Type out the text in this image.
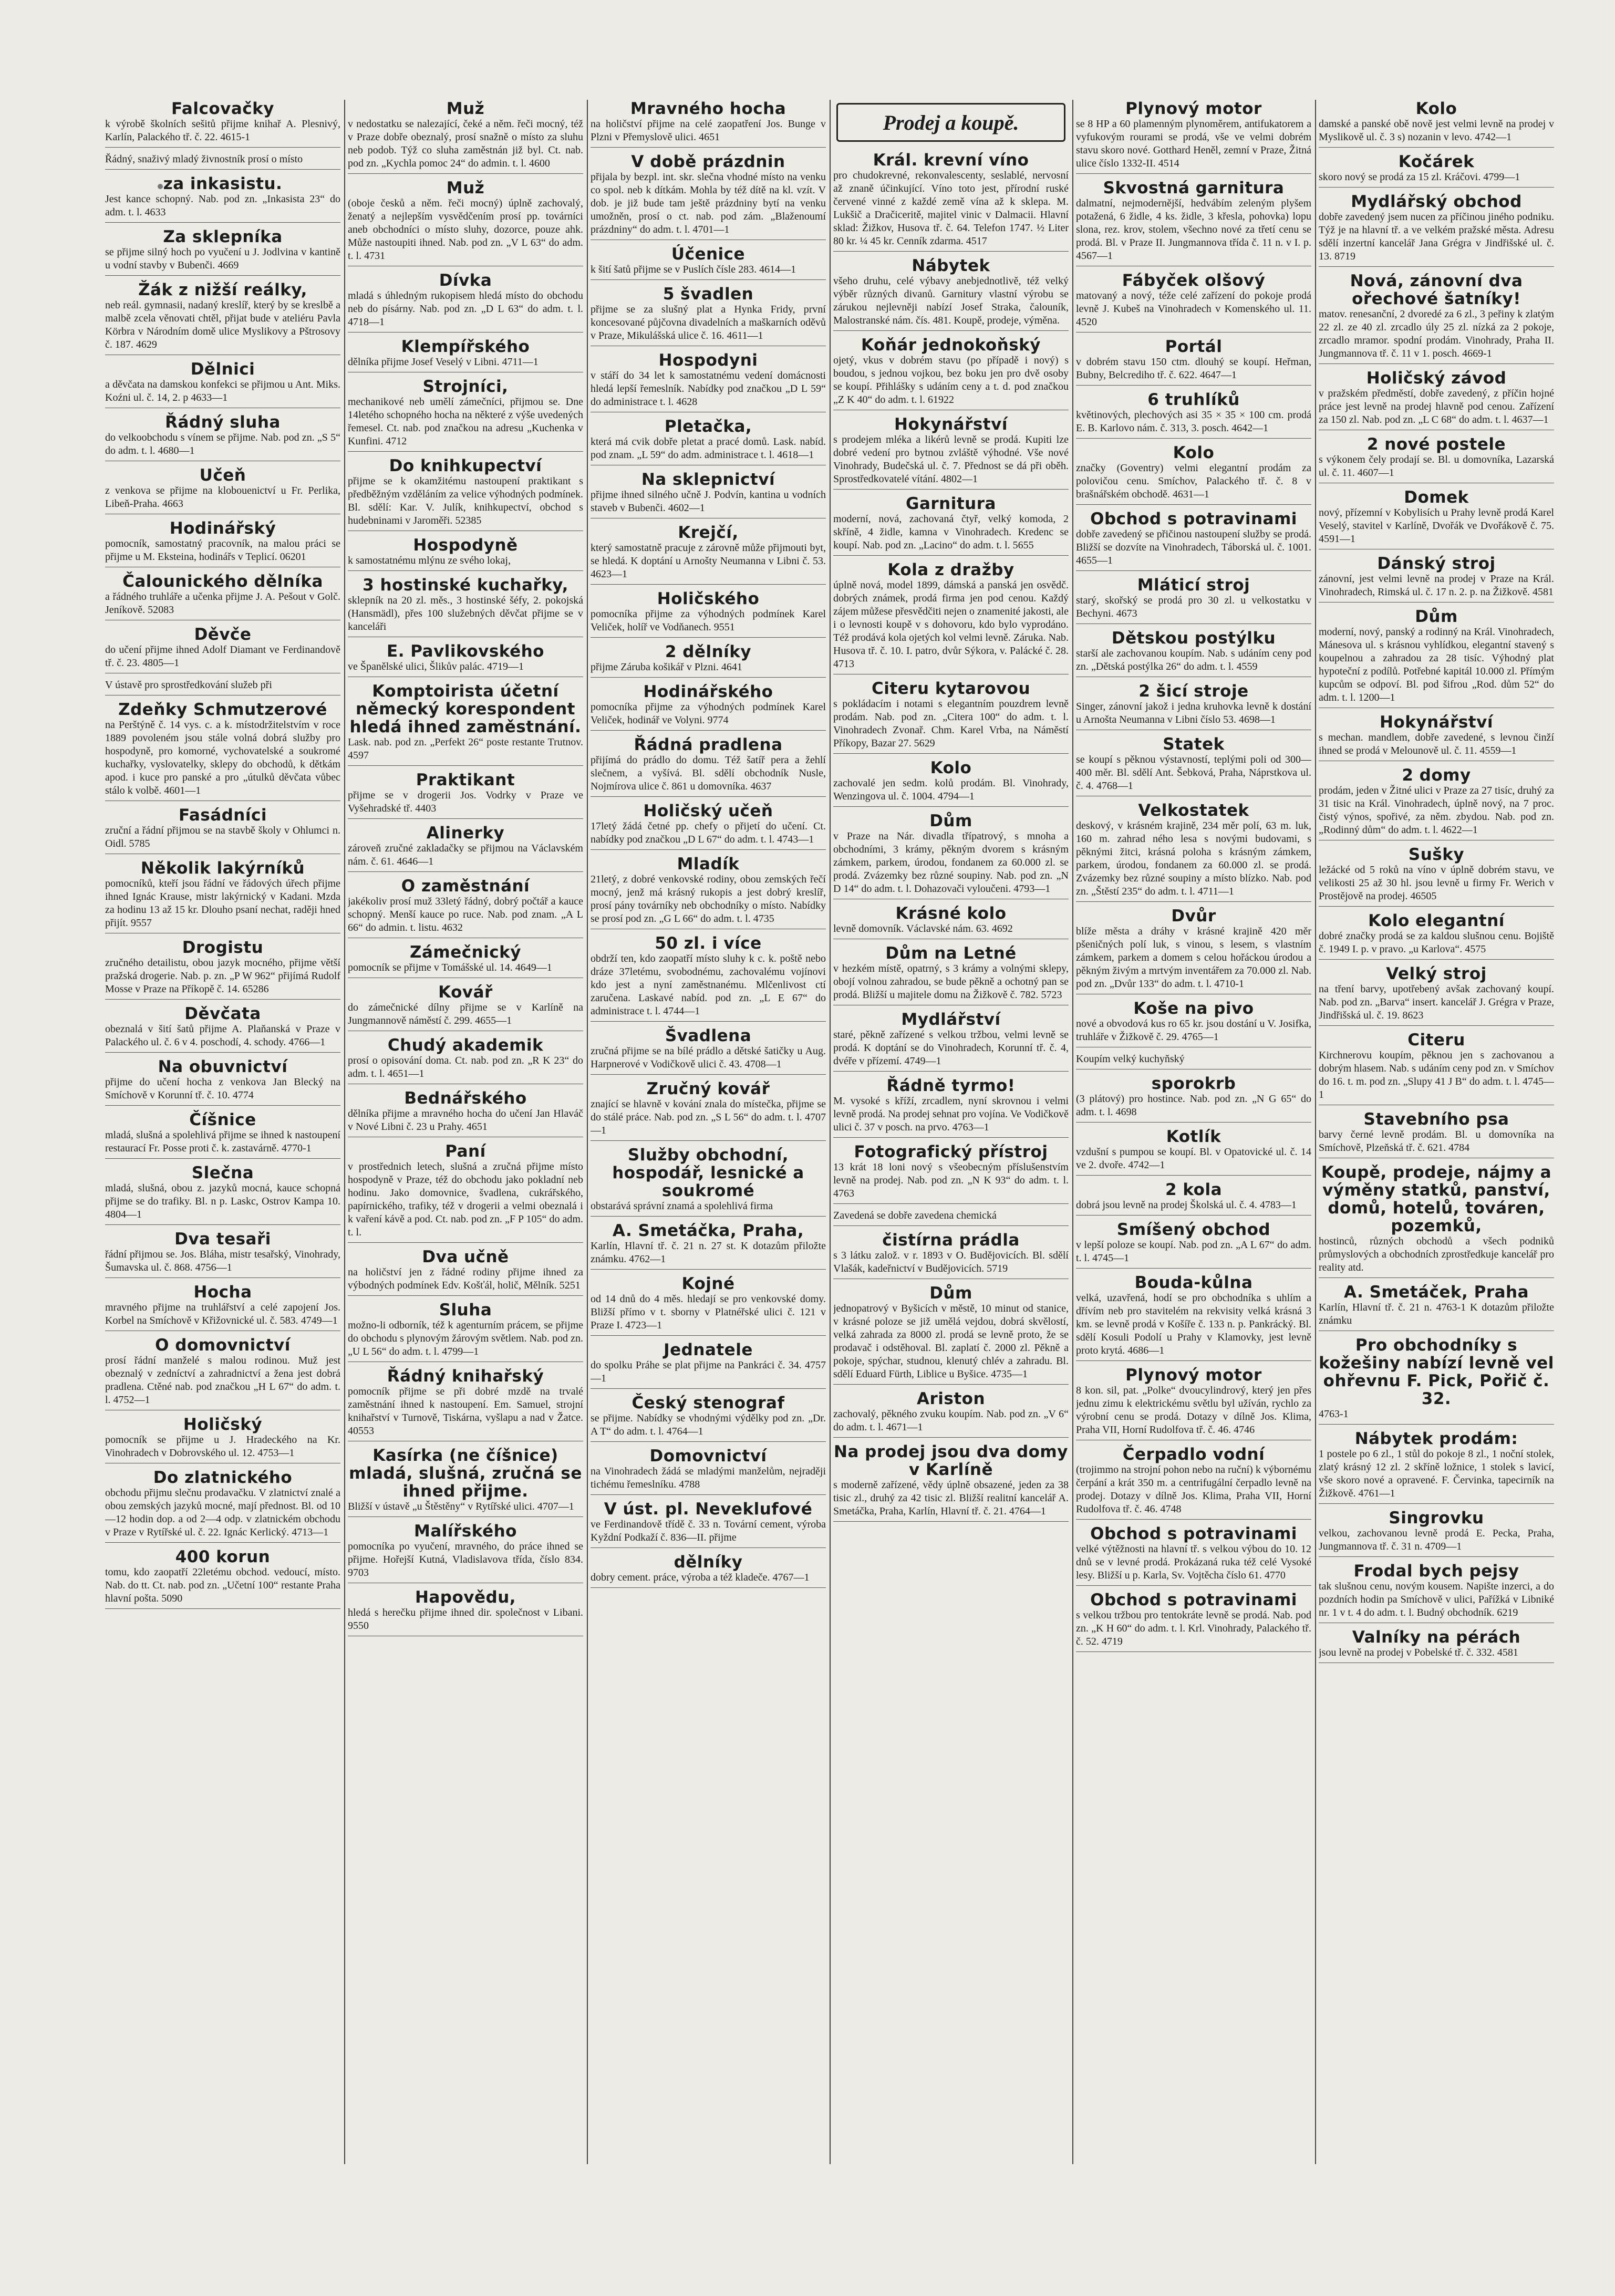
Falcovačky

k výrobě školních sešitů přijme knihař A. Plesnivý, Karlín, Palackého tř. č. 22. 4615-1

Řádný, snaživý mladý živnostník prosí o místo

za inkasistu.

Jest kance schopný. Nab. pod zn. „Inkasista 23“ do adm. t. l. 4633

Za sklepníka

se přijme silný hoch po vyučení u J. Jodlvina v kantině u vodní stavby v Bubenči. 4669

Žák z nižší reálky,

neb reál. gymnasii, nadaný kreslíř, který by se kreslbě a malbě zcela věnovati chtěl, přijat bude v ateliéru Pavla Körbra v Národním domě ulice Myslikovy a Pštrosovy č. 187. 4629

Dělnici

a děvčata na damskou konfekci se přijmou u Ant. Miks. Koźni ul. č. 14, 2. p 4633—1

Řádný sluha

do velkoobchodu s vínem se přijme. Nab. pod zn. „S 5“ do adm. t. l. 4680—1

Učeň

z venkova se přijme na klobouenictví u Fr. Perlika, Libeň-Praha. 4663

Hodinářský

pomocník, samostatný pracovník, na malou práci se přijme u M. Eksteina, hodinářs v Teplicí. 06201

Čalounického dělníka

a řádného truhláře a učenka přijme J. A. Pešout v Golč. Jeníkově. 52083

Děvče

do učení přijme ihned Adolf Diamant ve Ferdinandově tř. č. 23. 4805—1

V ústavě pro sprostředkování služeb při

Zdeňky Schmutzerové

na Perštýně č. 14 vys. c. a k. místodržitelstvím v roce 1889 povoleném jsou stále volná dobrá služby pro hospodyně, pro komorné, vychovatelské a soukromé kuchařky, vyslovatelky, sklepy do obchodů, k dětkám apod. i kuce pro panské a pro „útulků děvčata vůbec stálo k volbě. 4601—1

Fasádníci

zruční a řádní přijmou se na stavbě školy v Ohlumci n. Oidl. 5785

Několik lakýrníků

pomocníků, kteří jsou řádní ve řádových úřech přijme ihned Ignác Krause, mistr lakýrnický v Kadani. Mzda za hodinu 13 až 15 kr. Dlouho psaní nechat, raději hned přijít. 9557

Drogistu

zručného detailistu, obou jazyk mocného, přijme větší pražská drogerie. Nab. p. zn. „P W 962“ přijímá Rudolf Mosse v Praze na Příkopě č. 14. 65286

Děvčata

obeznalá v šití šatů přijme A. Plaňanská v Praze v Palackého ul. č. 6 v 4. poschodí, 4. schody. 4766—1

Na obuvnictví

přijme do učení hocha z venkova Jan Blecký na Smíchově v Korunní tř. č. 10. 4774

Číšnice

mladá, slušná a spolehlivá přijme se ihned k nastoupení restaurací Fr. Posse proti č. k. zastavárně. 4770-1

Slečna

mladá, slušná, obou z. jazyků mocná, kauce schopná přijme se do trafiky. Bl. n p. Laskc, Ostrov Kampa 10. 4804—1

Dva tesaři

řádní přijmou se. Jos. Bláha, mistr tesařský, Vinohrady, Šumavska ul. č. 868. 4756—1

Hocha

mravného přijme na truhlářství a celé zapojení Jos. Korbel na Smíchově v Křižovnické ul. č. 583. 4749—1

O domovnictví

prosí řádní manželé s malou rodinou. Muž jest obeznalý v zedníctví a zahradnictví a žena jest dobrá pradlena. Ctěné nab. pod značkou „H L 67“ do adm. t. l. 4752—1

Holičský

pomocník se přijme u J. Hradeckého na Kr. Vinohradech v Dobrovského ul. 12. 4753—1

Do zlatnického

obchodu přijmu slečnu prodavačku. V zlatnictví znalé a obou zemských jazyků mocné, mají přednost. Bl. od 10—12 hodin dop. a od 2—4 odp. v zlatnickém obchodu v Praze v Rytířské ul. č. 22. Ignác Kerlický. 4713—1

400 korun

tomu, kdo zaopatří 22letému obchod. vedoucí, místo. Nab. do tt. Ct. nab. pod zn. „Učetní 100“ restante Praha hlavní pošta. 5090

Muž

v nedostatku se nalezající, čeké a něm. řeči mocný, též v Praze dobře obeznalý, prosí snažně o místo za sluhu neb podob. Týž co sluha zaměstnán již byl. Ct. nab. pod zn. „Kychla pomoc 24“ do admin. t. l. 4600

Muž

(oboje česků a něm. řeči mocný) úplně zachovalý, ženatý a nejlepším vysvědčením prosí pp. továrníci aneb obchodníci o místo sluhy, dozorce, pouze ahk. Může nastoupiti ihned. Nab. pod zn. „V L 63“ do adm. t. l. 4731

Dívka

mladá s úhledným rukopisem hledá místo do obchodu neb do písárny. Nab. pod zn. „D L 63“ do adm. t. l. 4718—1

Klempířského

dělníka přijme Josef Veselý v Libni. 4711—1

Strojníci,

mechanikové neb umělí zámečníci, přijmou se. Dne 14letého schopného hocha na některé z výše uvedených řemesel. Ct. nab. pod značkou na adresu „Kuchenka v Kunfini. 4712

Do knihkupectví

přijme se k okamžitému nastoupení praktikant s předběžným vzděláním za velice výhodných podmínek. Bl. sdělí: Kar. V. Julík, knihkupectví, obchod s hudebninami v Jaroměři. 52385

Hospodyně

k samostatnému mlýnu ze svého lokaj,

3 hostinské kuchařky,

sklepník na 20 zl. měs., 3 hostinské šéfy, 2. pokojská (Hansmädl), přes 100 služebných děvčat přijme se v kanceláři

E. Pavlikovského

ve Španělské ulici, Šlikův palác. 4719—1

Komptoirista účetní německý korespondent hledá ihned zaměstnání.

Lask. nab. pod zn. „Perfekt 26“ poste restante Trutnov. 4597

Praktikant

přijme se v drogerii Jos. Vodrky v Praze ve Vyšehradské tř. 4403

Alinerky

zároveň zručné zakladačky se přijmou na Václavském nám. č. 61. 4646—1

O zaměstnání

jakékoliv prosí muž 33letý řádný, dobrý počtář a kauce schopný. Menší kauce po ruce. Nab. pod znam. „A L 66“ do admin. t. listu. 4632

Zámečnický

pomocník se přijme v Tomášské ul. 14. 4649—1

Kovář

do zámečnické dílny přijme se v Karlíně na Jungmannově náměstí č. 299. 4655—1

Chudý akademik

prosí o opisování doma. Ct. nab. pod zn. „R K 23“ do adm. t. l. 4651—1

Bednářského

dělníka přijme a mravného hocha do učení Jan Hlaváč v Nové Libni č. 23 u Prahy. 4651

Paní

v prostřednich letech, slušná a zručná přijme místo hospodyně v Praze, též do obchodu jako pokladní neb hodinu. Jako domovnice, švadlena, cukrářského, papírnického, trafiky, též v drogerii a velmi obeznalá i k vaření kávě a pod. Ct. nab. pod zn. „F P 105“ do adm. t. l.

Dva učně

na holičství jen z řádné rodiny přijme ihned za výbodných podmínek Edv. Košťál, holič, Mělník. 5251

Sluha

možno-li odborník, též k agenturním prácem, se přijme do obchodu s plynovým žárovým světlem. Nab. pod zn. „U L 56“ do adm. t. l. 4799—1

Řádný knihařský

pomocník přijme se při dobré mzdě na trvalé zaměstnání ihned k nastoupení. Em. Samuel, strojní knihařství v Turnově, Tiskárna, vyšlapu a nad v Žatce. 40553

Kasírka (ne číšnice) mladá, slušná, zručná se ihned přijme.

Bližší v ústavě „u Štěstěny“ v Rytířské ulici. 4707—1

Malířského

pomocníka po vyučení, mravného, do práce ihned se přijme. Hořejší Kutná, Vladislavova třída, číslo 834. 9703

Hapovědu,

hledá s herečku přijme ihned dir. společnost v Libani. 9550

Mravného hocha

na holičství přijme na celé zaopatření Jos. Bunge v Plzni v Přemyslově ulici. 4651

V době prázdnin

přijala by bezpl. int. skr. slečna vhodné místo na venku co spol. neb k dítkám. Mohla by též dítě na kl. vzít. V dob. je již bude tam ještě prázdniny bytí na venku umožněn, prosí o ct. nab. pod zám. „Blaženoumí prázdniny“ do adm. t. l. 4701—1

Účenice

k šití šatů přijme se v Puslích čísle 283. 4614—1

5 švadlen

přijme se za slušný plat a Hynka Fridy, první koncesované půjčovna divadelních a maškarních oděvů v Praze, Mikulášská ulice č. 16. 4611—1

Hospodyni

v stáří do 34 let k samostatnému vedení domácnosti hledá lepší řemeslník. Nabídky pod značkou „D L 59“ do administrace t. l. 4628

Pletačka,

která má cvik dobře pletat a pracé domů. Lask. nabíd. pod znam. „L 59“ do adm. administrace t. l. 4618—1

Na sklepnictví

přijme ihned silného učně J. Podvín, kantina u vodních staveb v Bubenči. 4602—1

Krejčí,

který samostatně pracuje z zárovně může přijmouti byt, se hledá. K doptání u Arnošty Neumanna v Libni č. 53. 4623—1

Holičského

pomocníka přijme za výhodných podmínek Karel Veliček, holíř ve Vodňanech. 9551

2 dělníky

přijme Záruba košikář v Plzni. 4641

Hodinářského

pomocníka přijme za výhodných podmínek Karel Veliček, hodinář ve Volyni. 9774

Řádná pradlena

přijímá do prádlo do domu. Též šatíř pera a žehlí slečnem, a vyšívá. Bl. sdělí obchodník Nusle, Nojmírova ulice č. 861 u domovníka. 4637

Holičský učeň

17letý žádá četné pp. chefy o přijetí do učení. Ct. nabídky pod značkou „D L 67“ do adm. t. l. 4743—1

Mladík

21letý, z dobré venkovské rodiny, obou zemských řečí mocný, jenž má krásný rukopis a jest dobrý kreslíř, prosí pány továrníky neb obchodníky o místo. Nabídky se prosí pod zn. „G L 66“ do adm. t. l. 4735

50 zl. i více

obdrží ten, kdo zaopatří místo sluhy k c. k. poště nebo dráze 37letému, svobodnému, zachovalému vojínovi kdo jest a nyní zaměstnanému. Mlčenlivost ctí zaručena. Laskavé nabíd. pod zn. „L E 67“ do administrace t. l. 4744—1

Švadlena

zručná přijme se na bílé prádlo a dětské šatičky u Aug. Harpnerové v Vodičkově ulici č. 43. 4708—1

Zručný kovář

znající se hlavně v kování znala do místečka, přijme se do stálé práce. Nab. pod zn. „S L 56“ do adm. t. l. 4707—1

Služby obchodní, hospodář, lesnické a soukromé

obstarává správní znamá a spolehlivá firma

A. Smetáčka, Praha,

Karlín, Hlavní tř. č. 21 n. 27 st. K dotazům přiložte známku. 4762—1

Kojné

od 14 dnů do 4 měs. hledají se pro venkovské domy. Bližší přímo v t. sborny v Platnéřské ulici č. 121 v Praze I. 4723—1

Jednatele

do spolku Práhe se plat přijme na Pankráci č. 34. 4757—1

Český stenograf

se přijme. Nabídky se vhodnými výdělky pod zn. „Dr. A T“ do adm. t. l. 4764—1

Domovnictví

na Vinohradech žádá se mladými manželům, nejraději tichému řemeslníku. 4788

V úst. pl. Neveklufové

ve Ferdinandově třídě č. 33 n. Tovární cement, výroba Kyždní Podkaží č. 836—II. přijme

dělníky

dobry cement. práce, výroba a též kladeče. 4767—1

Prodej a koupě.
Král. krevní víno

pro chudokrevné, rekonvalescenty, seslablé, nervosní až znaně účinkující. Víno toto jest, přírodní ruské červené vinné z každé země vína až k sklepa. M. Lukšič a Dračiceritě, majitel vinic v Dalmacii. Hlavní sklad: Žižkov, Husova tř. č. 64. Telefon 1747. ½ Liter 80 kr. ¼ 45 kr. Cenník zdarma. 4517

Nábytek

všeho druhu, celé výbavy anebjednotlivě, též velký výběr různých divanů. Garnitury vlastní výrobu se zárukou nejlevněji nabízí Josef Straka, čalouník, Malostranské nám. čís. 481. Koupě, prodeje, výměna.

Koňár jednokoňský

ojetý, vkus v dobrém stavu (po případě i nový) s boudou, s jednou vojkou, bez boku jen pro dvě osoby se koupí. Přihlášky s udáním ceny a t. d. pod značkou „Z K 40“ do adm. t. l. 61922

Hokynářství

s prodejem mléka a likérů levně se prodá. Kupiti lze dobré vedení pro bytnou zvláště výhodné. Vše nové Vinohrady, Budečská ul. č. 7. Přednost se dá při oběh. Sprostředkovatelé vítání. 4802—1

Garnitura

moderní, nová, zachovaná čtyř, velký komoda, 2 skříně, 4 židle, kamna v Vinohradech. Kredenc se koupí. Nab. pod zn. „Lacino“ do adm. t. l. 5655

Kola z dražby

úplně nová, model 1899, dámská a panská jen osvědč. dobrých známek, prodá firma jen pod cenou. Každý zájem můžese přesvědčiti nejen o znamenité jakosti, ale i o levnosti koupě v s dohovoru, kdo bylo vyprodáno. Též prodává kola ojetých kol velmi levně. Záruka. Nab. Husova tř. č. 10. I. patro, dvůr Sýkora, v. Palácké č. 28. 4713

Citeru kytarovou

s pokládacím i notami s elegantním pouzdrem levně prodám. Nab. pod zn. „Citera 100“ do adm. t. l. Vinohradech Zvonař. Chm. Karel Vrba, na Náměstí Příkopy, Bazar 27. 5629

Kolo

zachovalé jen sedm. kolů prodám. Bl. Vinohrady, Wenzingova ul. č. 1004. 4794—1

Dům

v Praze na Nár. divadla třípatrový, s mnoha a obchodními, 3 krámy, pěkným dvorem s krásným zámkem, parkem, úrodou, fondanem za 60.000 zl. se prodá. Zvázemky bez různé soupiny. Nab. pod zn. „N D 14“ do adm. t. l. Dohazovači vyloučeni. 4793—1

Krásné kolo

levně domovník. Václavské nám. 63. 4692

Dům na Letné

v hezkém místě, opatrný, s 3 krámy a volnými sklepy, obojí volnou zahradou, se bude pěkně a ochotný pan se prodá. Bližší u majitele domu na Žižkově č. 782. 5723

Mydlářství

staré, pěkně zařízené s velkou tržbou, velmi levně se prodá. K doptání se do Vinohradech, Korunní tř. č. 4, dvéře v přízemí. 4749—1

Řádně tyrmo!

M. vysoké s kříží, zrcadlem, nyní skrovnou i velmi levně prodá. Na prodej sehnat pro vojína. Ve Vodičkově ulici č. 37 v posch. na prvo. 4763—1

Fotografický přístroj

13 krát 18 loni nový s všeobecným příslušenstvím levně na prodej. Nab. pod zn. „N K 93“ do adm. t. l. 4763

Zavedená se dobře zavedena chemická

čistírna prádla

s 3 látku založ. v r. 1893 v O. Budějovicích. Bl. sdělí Vlašák, kadeřnictví v Budějovicích. 5719

Dům

jednopatrový v Byšicích v městě, 10 minut od stanice, v krásné poloze se již umělá vejdou, dobrá skvělostí, velká zahrada za 8000 zl. prodá se levně proto, že se prodavač i odstěhoval. Bl. zaplatí č. 2000 zl. Pěkně a pokoje, spýchar, studnou, klenutý chlév a zahradu. Bl. sdělí Eduard Fürth, Liblice u Byšice. 4735—1

Ariston

zachovalý, pěkného zvuku koupím. Nab. pod zn. „V 6“ do adm. t. l. 4671—1

Na prodej jsou dva domy v Karlíně

s moderně zařízené, vědy úplně obsazené, jeden za 38 tisic zl., druhý za 42 tisic zl. Bližší realitní kancelář A. Smetáčka, Praha, Karlín, Hlavní tř. č. 21. 4764—1

Plynový motor

se 8 HP a 60 plamenným plynoměrem, antifukatorem a vyfukovým rourami se prodá, vše ve velmi dobrém stavu skoro nové. Gotthard Heněl, zemní v Praze, Žitná ulice číslo 1332-II. 4514

Skvostná garnitura

dalmatní, nejmodernější, hedvábím zeleným plyšem potažená, 6 židle, 4 ks. židle, 3 křesla, pohovka) lopu slona, rez. krov, stolem, všechno nové za třetí cenu se prodá. Bl. v Praze II. Jungmannova třída č. 11 n. v I. p. 4567—1

Fábyček olšový

matovaný a nový, téže celé zařízení do pokoje prodá levně J. Kubeš na Vinohradech v Komenského ul. 11. 4520

Portál

v dobrém stavu 150 ctm. dlouhý se koupí. Heřman, Bubny, Belcrediho tř. č. 622. 4647—1

6 truhlíků

květinových, plechových asi 35 × 35 × 100 cm. prodá E. B. Karlovo nám. č. 313, 3. posch. 4642—1

Kolo

značky (Goventry) velmi elegantní prodám za polovičou cenu. Smíchov, Palackého tř. č. 8 v brašnářském obchodě. 4631—1

Obchod s potravinami

dobře zavedený se přičinou nastoupení služby se prodá. Bližší se dozvíte na Vinohradech, Táborská ul. č. 1001. 4655—1

Mláticí stroj

starý, skořský se prodá pro 30 zl. u velkostatku v Bechyni. 4673

Dětskou postýlku

starší ale zachovanou koupím. Nab. s udáním ceny pod zn. „Dětská postýlka 26“ do adm. t. l. 4559

2 šicí stroje

Singer, zánovní jakož i jedna kruhovka levně k dostání u Arnošta Neumanna v Libni číslo 53. 4698—1

Statek

se koupí s pěknou výstavností, teplými poli od 300—400 měr. Bl. sdělí Ant. Šebková, Praha, Náprstkova ul. č. 4. 4768—1

Velkostatek

deskový, v krásném krajině, 234 měr polí, 63 m. luk, 160 m. zahrad ného lesa s novými budovami, s pěknými žitci, krásná poloha s krásným zámkem, parkem, úrodou, fondanem za 60.000 zl. se prodá. Zvázemky bez různé soupiny a místo blízko. Nab. pod zn. „Štěstí 235“ do adm. t. l. 4711—1

Dvůr

blíže města a dráhy v krásné krajině 420 měr pšeničných polí luk, s vinou, s lesem, s vlastním zámkem, parkem a domem s celou hořáckou úrodou a pěkným živým a mrtvým inventářem za 70.000 zl. Nab. pod zn. „Dvůr 133“ do adm. t. l. 4710-1

Koše na pivo

nové a obvodová kus ro 65 kr. jsou dostání u V. Josifka, truhláře v Žižkově č. 29. 4765—1

Koupím velký kuchyňský

sporokrb

(3 plátový) pro hostince. Nab. pod zn. „N G 65“ do adm. t. l. 4698

Kotlík

vzdušní s pumpou se koupí. Bl. v Opatovické ul. č. 14 ve 2. dvoře. 4742—1

2 kola

dobrá jsou levně na prodej Školská ul. č. 4. 4783—1

Smíšený obchod

v lepší poloze se koupí. Nab. pod zn. „A L 67“ do adm. t. l. 4745—1

Bouda-kůlna

velká, uzavřená, hodí se pro obchodníka s uhlím a dřívím neb pro stavitelém na rekvisity velká krásná 3 km. se levně prodá v Košíře č. 133 n. p. Pankrácký. Bl. sdělí Kosuli Podolí u Prahy v Klamovky, jest levně proto krytá. 4686—1

Plynový motor

8 kon. sil, pat. „Polke“ dvoucylindrový, který jen přes jednu zimu k elektrickému světlu byl užíván, rychlo za výrobní cenu se prodá. Dotazy v dílně Jos. Klima, Praha VII, Horní Rudolfova tř. č. 46. 4746

Čerpadlo vodní

(trojimmo na strojní pohon nebo na ruční) k výbornému čerpání a krát 350 m. a centrifugální čerpadlo levně na prodej. Dotazy v dílně Jos. Klima, Praha VII, Horní Rudolfova tř. č. 46. 4748

Obchod s potravinami

velké výtěžnosti na hlavní tř. s velkou výbou do 10. 12 dnů se v levné prodá. Prokázaná ruka též celé Vysoké lesy. Bližší u p. Karla, Sv. Vojtěcha číslo 61. 4770

Obchod s potravinami

s velkou tržbou pro tentokráte levně se prodá. Nab. pod zn. „K H 60“ do adm. t. l. Krl. Vinohrady, Palackého tř. č. 52. 4719

Kolo

damské a panské obě nově jest velmi levně na prodej v Myslikově ul. č. 3 s) nozanin v levo. 4742—1

Kočárek

skoro nový se prodá za 15 zl. Kráčovi. 4799—1

Mydlářský obchod

dobře zavedený jsem nucen za příčinou jiného podniku. Týž je na hlavní tř. a ve velkém pražské města. Adresu sdělí inzertní kancelář Jana Grégra v Jindřišské ul. č. 13. 8719

Nová, zánovní dva ořechové šatníky!

matov. renesanční, 2 dvoredé za 6 zl., 3 peřiny k zlatým 22 zl. ze 40 zl. zrcadlo úly 25 zl. nízká za 2 pokoje, zrcadlo mramor. spodní prodám. Vinohrady, Praha II. Jungmannova tř. č. 11 v 1. posch. 4669-1

Holičský závod

v pražském předměstí, dobře zavedený, z příčin hojné práce jest levně na prodej hlavně pod cenou. Zařízení za 150 zl. Nab. pod zn. „L C 68“ do adm. t. l. 4637—1

2 nové postele

s výkonem čely prodají se. Bl. u domovníka, Lazarská ul. č. 11. 4607—1

Domek

nový, přízemní v Kobylisích u Prahy levně prodá Karel Veselý, stavitel v Karlíně, Dvořák ve Dvořákově č. 75. 4591—1

Dánský stroj

zánovní, jest velmi levně na prodej v Praze na Král. Vinohradech, Rimská ul. č. 17 n. 2. p. na Žižkově. 4581

Dům

moderní, nový, panský a rodinný na Král. Vinohradech, Mánesova ul. s krásnou vyhlídkou, elegantní stavený s koupelnou a zahradou za 28 tisíc. Výhodný plat hypoteční z podílů. Potřebné kapitál 10.000 zl. Přímým kupcům se odpoví. Bl. pod šifrou „Rod. dům 52“ do adm. t. l. 1200—1

Hokynářství

s mechan. mandlem, dobře zavedené, s levnou činží ihned se prodá v Melounově ul. č. 11. 4559—1

2 domy

prodám, jeden v Žitné ulici v Praze za 27 tisíc, druhý za 31 tisic na Král. Vinohradech, úplně nový, na 7 proc. čistý výnos, spořivé, za něm. zbydou. Nab. pod zn. „Rodinný dům“ do adm. t. l. 4622—1

Sušky

ležácké od 5 roků na víno v úplně dobrém stavu, ve velikosti 25 až 30 hl. jsou levně u firmy Fr. Werich v Prostějově na prodej. 46505

Kolo elegantní

dobré značky prodá se za kaldou slušnou cenu. Bojiště č. 1949 I. p. v pravo. „u Karlova“. 4575

Velký stroj

na tření barvy, upotřebený avšak zachovaný koupí. Nab. pod zn. „Barva“ insert. kancelář J. Grégra v Praze, Jindřišská ul. č. 19. 8623

Citeru

Kirchnerovu koupím, pěknou jen s zachovanou a dobrým hlasem. Nab. s udáním ceny pod zn. v Smíchov do 16. t. m. pod zn. „Slupy 41 J B“ do adm. t. l. 4745—1

Stavebního psa

barvy černé levně prodám. Bl. u domovníka na Smíchově, Plzeňská tř. č. 621. 4784

Koupě, prodeje, nájmy a výměny statků, panství, domů, hotelů, továren, pozemků,

hostinců, různých obchodů a všech podniků průmyslových a obchodních zprostředkuje kancelář pro reality atd.

A. Smetáček, Praha

Karlín, Hlavní tř. č. 21 n. 4763-1 K dotazům přiložte známku

Pro obchodníky s kožešiny nabízí levně vel ohřevnu F. Pick, Pořič č. 32.

4763-1

Nábytek prodám:

1 postele po 6 zl., 1 stůl do pokoje 8 zl., 1 noční stolek, zlatý krásný 12 zl. 2 skříně ložnice, 1 stolek s lavicí, vše skoro nové a opravené. F. Červinka, tapecirník na Žižkově. 4761—1

Singrovku

velkou, zachovanou levně prodá E. Pecka, Praha, Jungmannova tř. č. 31 n. 4709—1

Frodal bych pejsy

tak slušnou cenu, novým kousem. Napište inzerci, a do pozdních hodin pa Smíchově v ulici, Pařížká v Libniké nr. 1 v t. 4 do adm. t. l. Budný obchodník. 6219

Valníky na pérách

jsou levně na prodej v Pobelské tř. č. 332. 4581
